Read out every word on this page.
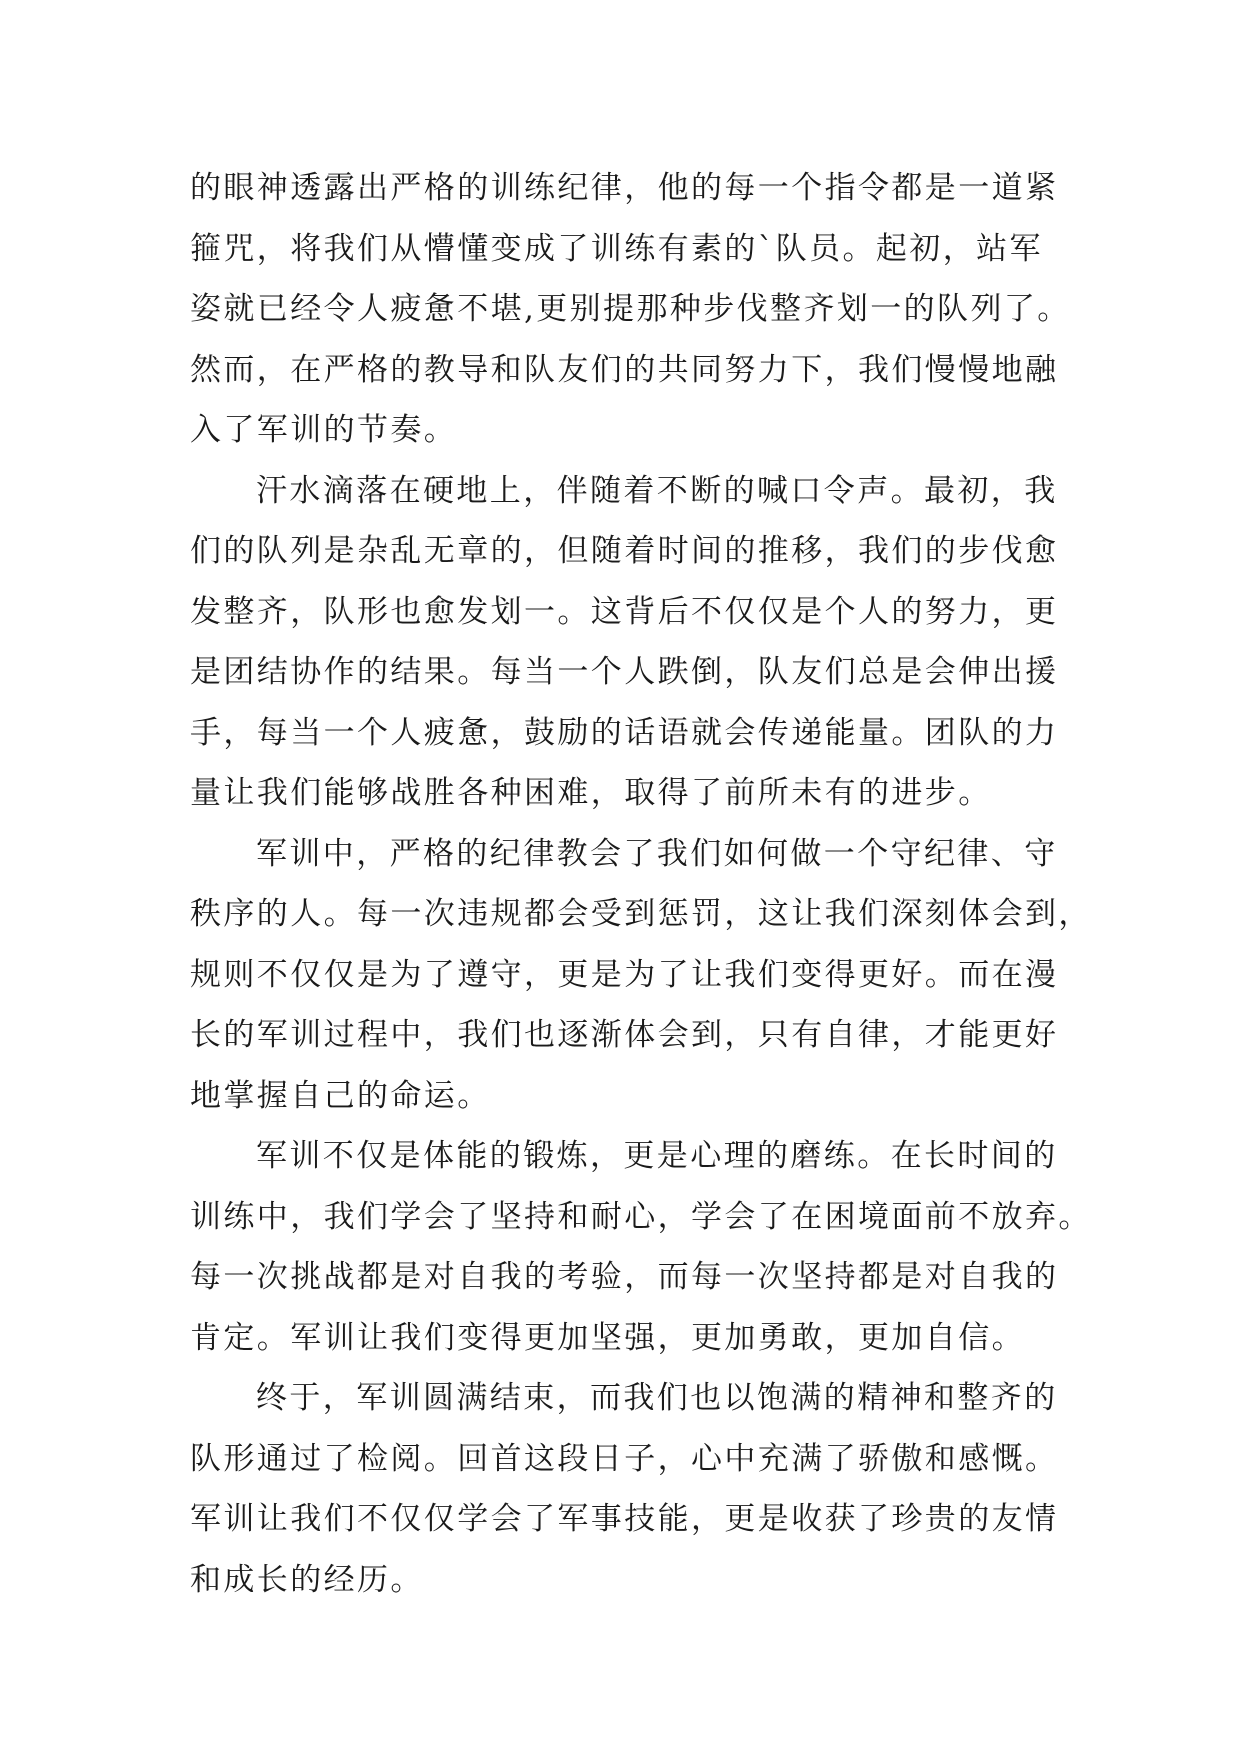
的眼神透露出严格的训练纪律，他的每一个指令都是一道紧
箍咒，将我们从懵懂变成了训练有素的`队员。起初，站军
姿就已经令人疲惫不堪,更别提那种步伐整齐划一的队列了。
然而，在严格的教导和队友们的共同努力下，我们慢慢地融
入了军训的节奏。
汗水滴落在硬地上，伴随着不断的喊口令声。最初，我
们的队列是杂乱无章的，但随着时间的推移，我们的步伐愈
发整齐，队形也愈发划一。这背后不仅仅是个人的努力，更
是团结协作的结果。每当一个人跌倒，队友们总是会伸出援
手，每当一个人疲惫，鼓励的话语就会传递能量。团队的力
量让我们能够战胜各种困难，取得了前所未有的进步。
军训中，严格的纪律教会了我们如何做一个守纪律、守
秩序的人。每一次违规都会受到惩罚，这让我们深刻体会到，
规则不仅仅是为了遵守，更是为了让我们变得更好。而在漫
长的军训过程中，我们也逐渐体会到，只有自律，才能更好
地掌握自己的命运。
军训不仅是体能的锻炼，更是心理的磨练。在长时间的
训练中，我们学会了坚持和耐心，学会了在困境面前不放弃。
每一次挑战都是对自我的考验，而每一次坚持都是对自我的
肯定。军训让我们变得更加坚强，更加勇敢，更加自信。
终于，军训圆满结束，而我们也以饱满的精神和整齐的
队形通过了检阅。回首这段日子，心中充满了骄傲和感慨。
军训让我们不仅仅学会了军事技能，更是收获了珍贵的友情
和成长的经历。
